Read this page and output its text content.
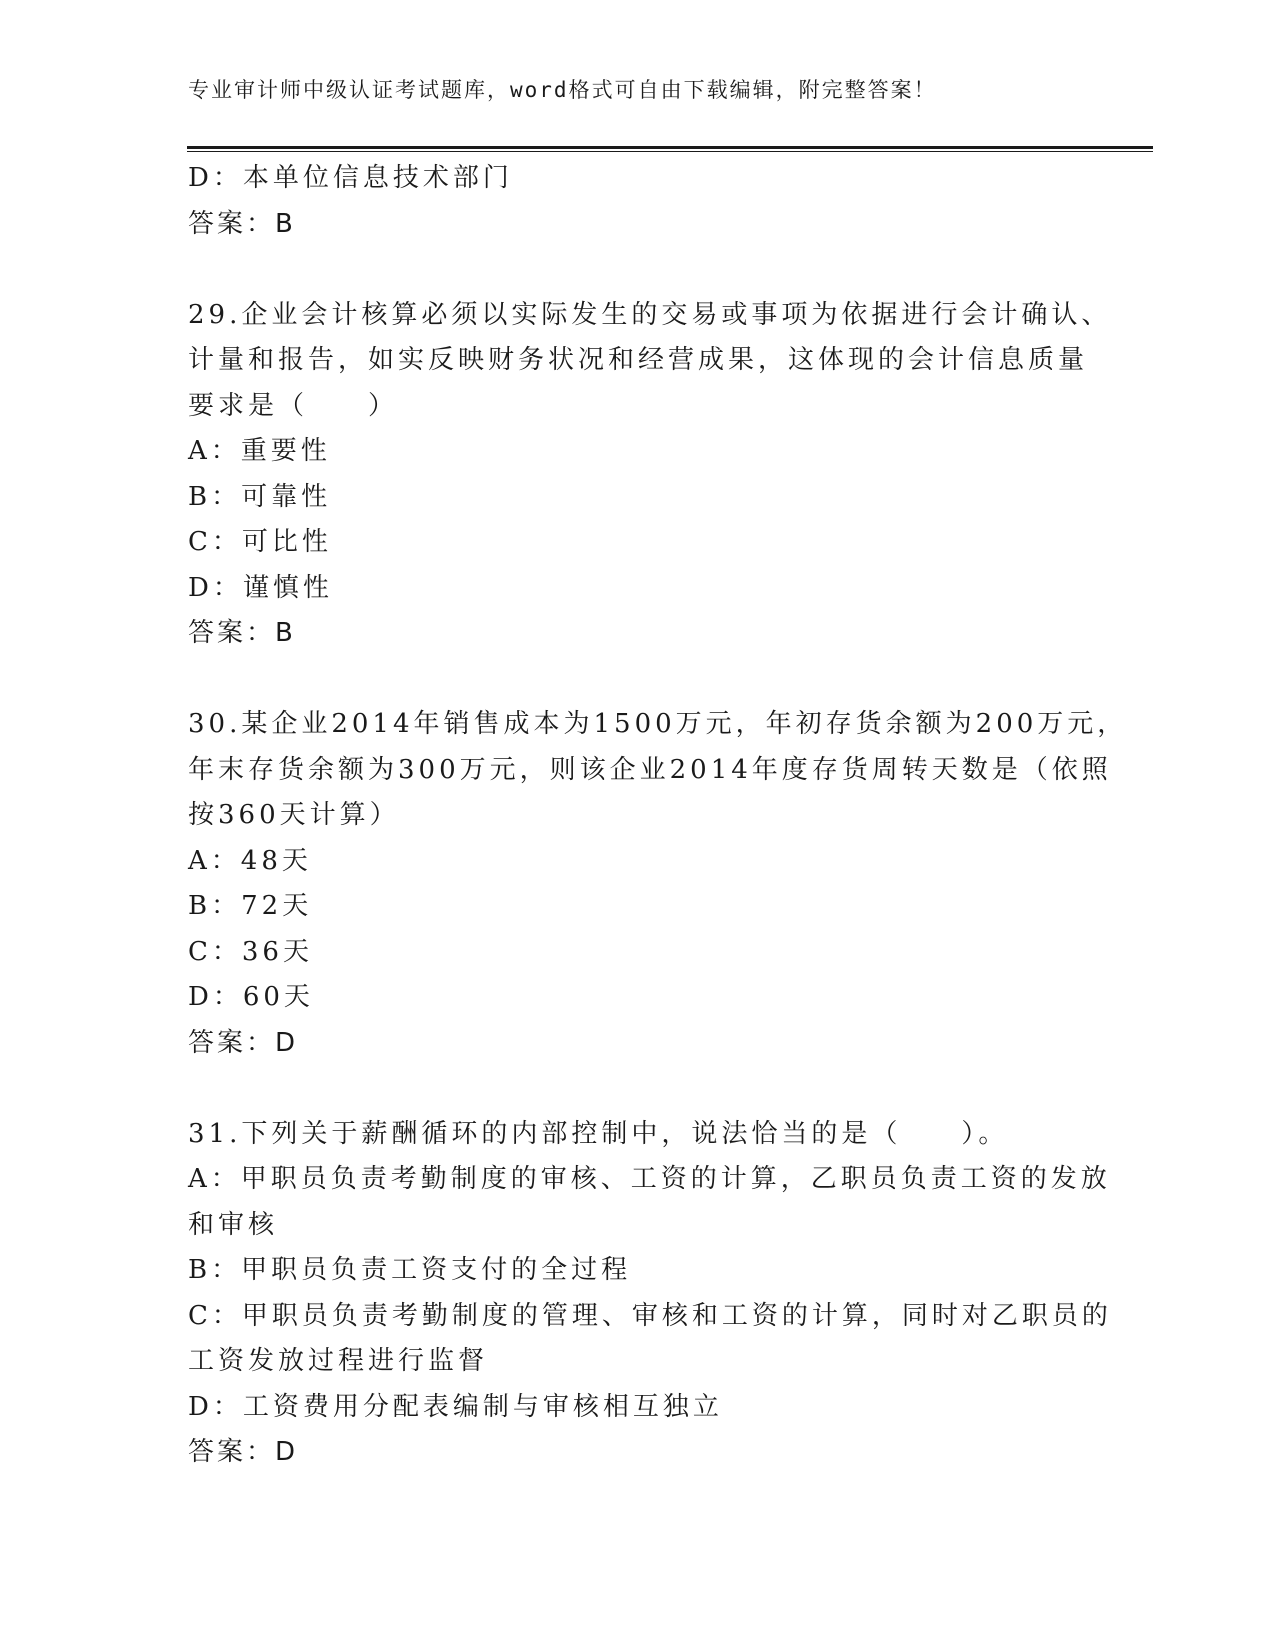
专业审计师中级认证考试题库，word格式可自由下载编辑，附完整答案！
D：本单位信息技术部门
答案：B
29.企业会计核算必须以实际发生的交易或事项为依据进行会计确认、
计量和报告，如实反映财务状况和经营成果，这体现的会计信息质量
要求是（　　）
A：重要性
B：可靠性
C：可比性
D：谨慎性
答案：B
30.某企业2014年销售成本为1500万元，年初存货余额为200万元，
年末存货余额为300万元，则该企业2014年度存货周转天数是（依照
按360天计算）
A：48天
B：72天
C：36天
D：60天
答案：D
31.下列关于薪酬循环的内部控制中，说法恰当的是（　　）。
A：甲职员负责考勤制度的审核、工资的计算，乙职员负责工资的发放
和审核
B：甲职员负责工资支付的全过程
C：甲职员负责考勤制度的管理、审核和工资的计算，同时对乙职员的
工资发放过程进行监督
D：工资费用分配表编制与审核相互独立
答案：D
